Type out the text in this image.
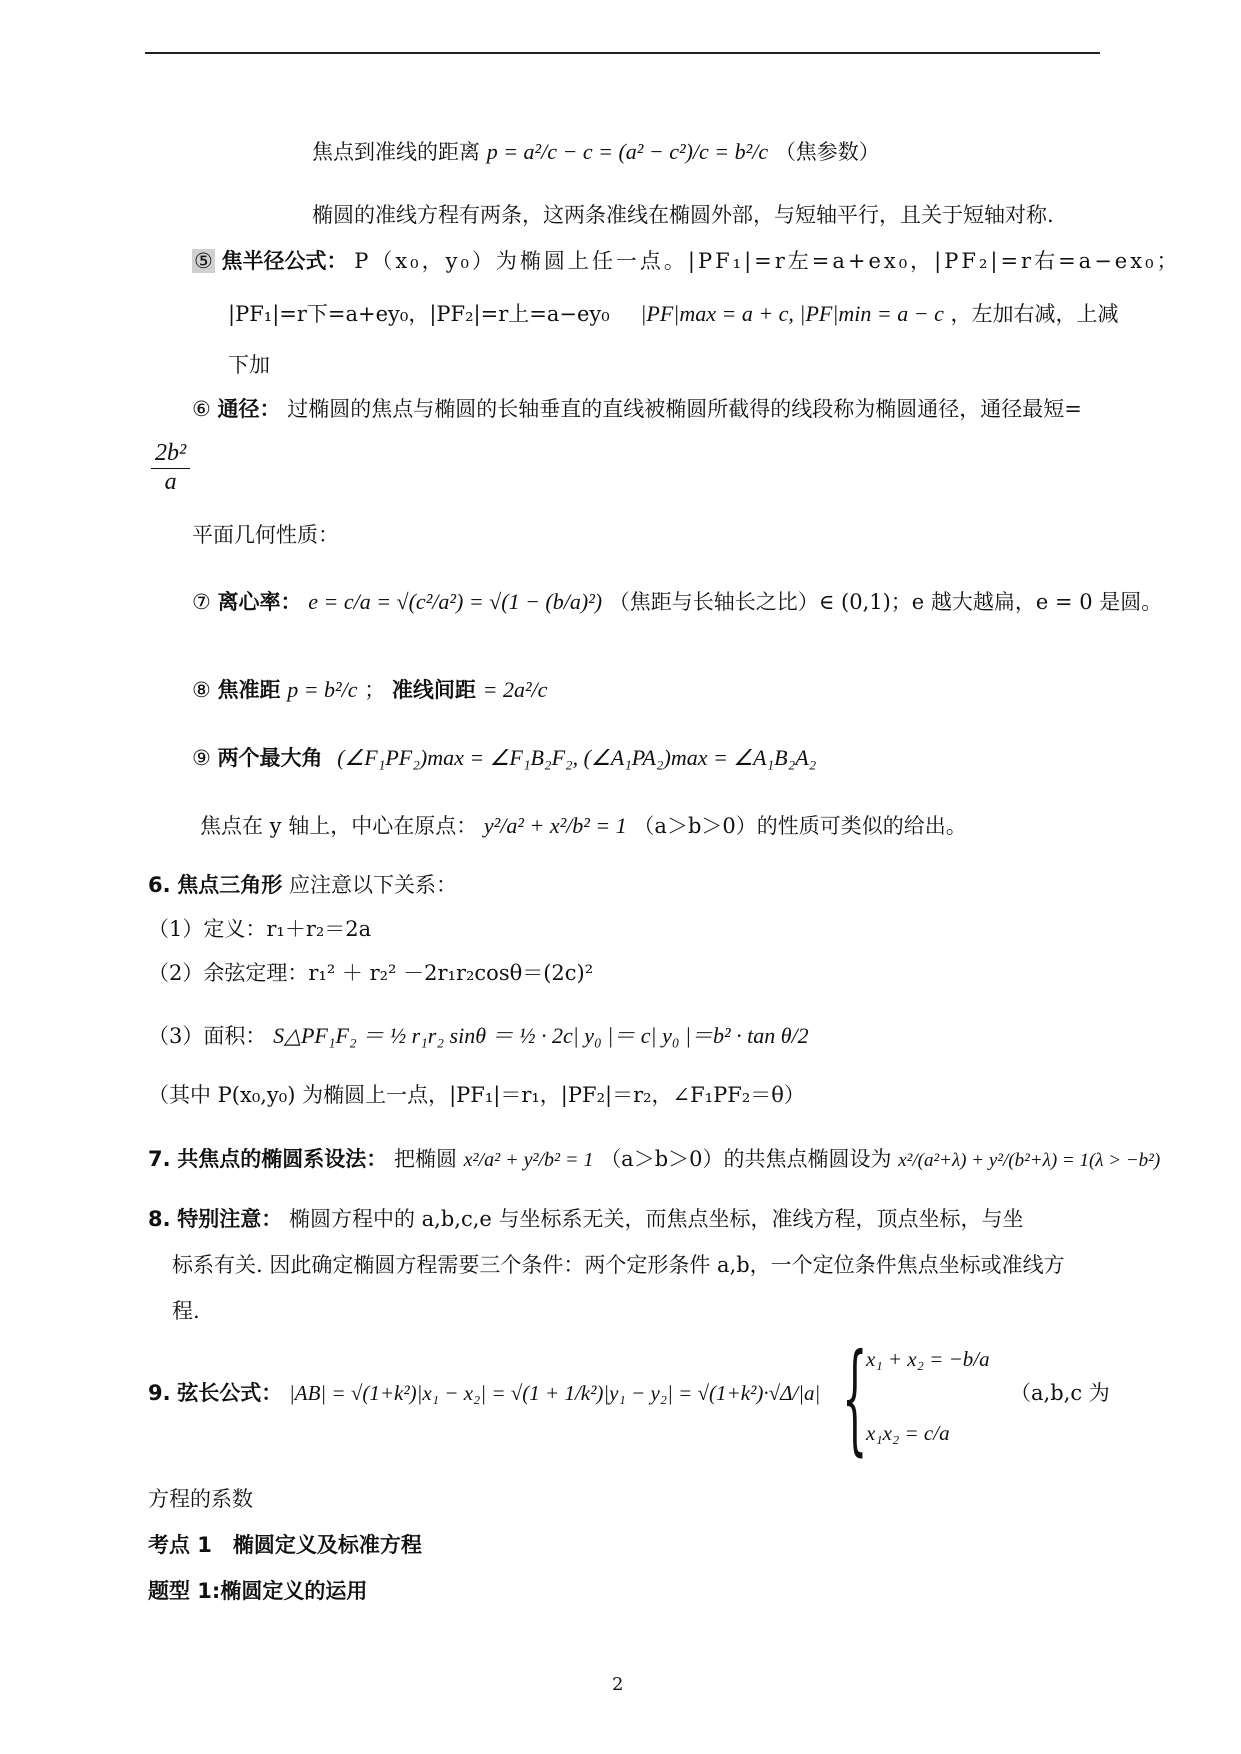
焦点到准线的距离 p = a²/c − c = (a² − c²)/c = b²/c （焦参数）
椭圆的准线方程有两条，这两条准线在椭圆外部，与短轴平行，且关于短轴对称.
⑤ 焦半径公式： P（x₀，y₀）为椭圆上任一点。|PF₁|=r左=a+ex₀，|PF₂|=r右=a−ex₀；
|PF₁|=r下=a+ey₀，|PF₂|=r上=a−ey₀ |PF|max = a + c, |PF|min = a − c ，左加右减，上减
下加
⑥ 通径： 过椭圆的焦点与椭圆的长轴垂直的直线被椭圆所截得的线段称为椭圆通径，通径最短=
$\frac{\text{2b²}}{a}$
平面几何性质：
⑦ 离心率： e = c/a = √(c²/a²) = √(1 − (b/a)²) （焦距与长轴长之比）∈ (0,1)；e 越大越扁，e = 0 是圆。
⑧ 焦准距 p = b²/c ； 准线间距 = 2a²/c
⑨ 两个最大角 (∠F₁PF₂)max = ∠F₁B₂F₂, (∠A₁PA₂)max = ∠A₁B₂A₂
焦点在 y 轴上，中心在原点： y²/a² + x²/b² = 1 （a＞b＞0）的性质可类似的给出。
6. 焦点三角形 应注意以下关系：
（1）定义：r₁＋r₂＝2a
（2）余弦定理：r₁² ＋ r₂² －2r₁r₂cosθ＝(2c)²
（3）面积： S△PF₁F₂ ＝ ½ r₁r₂ sinθ ＝ ½ · 2c| y₀ |＝ c| y₀ |＝b² · tan θ/2
（其中 P(x₀,y₀) 为椭圆上一点，|PF₁|＝r₁，|PF₂|＝r₂，∠F₁PF₂＝θ）
7. 共焦点的椭圆系设法： 把椭圆 x²/a² + y²/b² = 1 （a＞b＞0）的共焦点椭圆设为 x²/(a²+λ) + y²/(b²+λ) = 1(λ > −b²)
8. 特别注意： 椭圆方程中的 a,b,c,e 与坐标系无关，而焦点坐标，准线方程，顶点坐标，与坐
标系有关. 因此确定椭圆方程需要三个条件：两个定形条件 a,b，一个定位条件焦点坐标或准线方
程.
9. 弦长公式： |AB| = √(1+k²)|x₁ − x₂| = √(1 + 1/k²)|y₁ − y₂| = √(1+k²)·√Δ/|a| {
x₁ + x₂ = −b/a
x₁x₂ = c/a
（a,b,c 为
方程的系数
考点 1　椭圆定义及标准方程
题型 1:椭圆定义的运用
2
